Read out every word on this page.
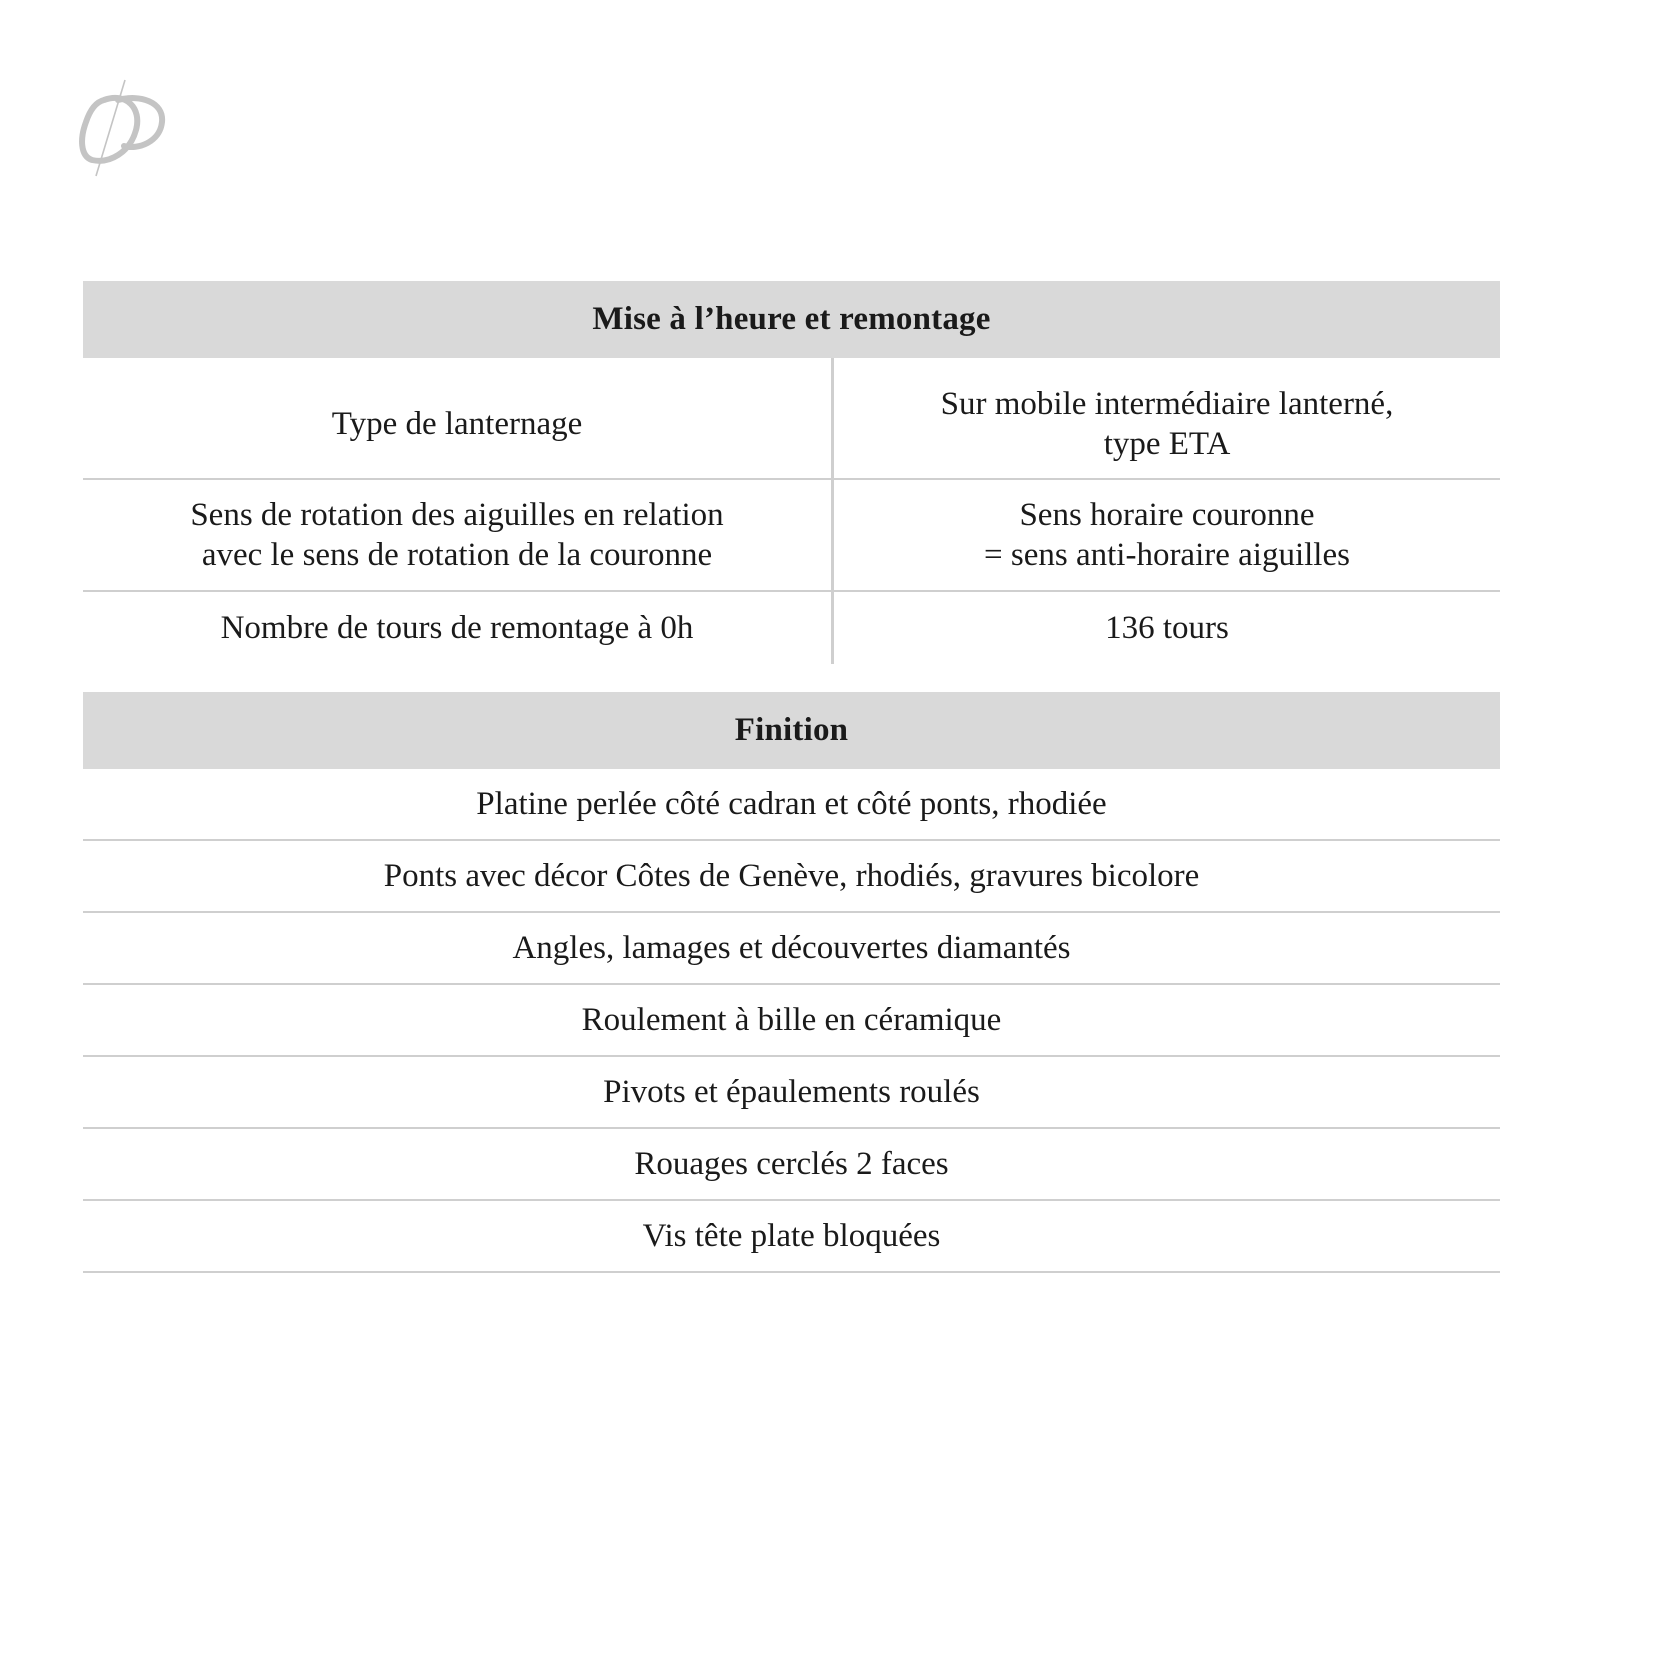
Mise à l’heure et remontage
Type de lanternage	Sur mobile intermédiaire lanterné,
type ETA

Sens de rotation des aiguilles en relation
avec le sens de rotation de la couronne	Sens horaire couronne
= sens anti-horaire aiguilles

Nombre de tours de remontage à 0h	136 tours
Finition
Platine perlée côté cadran et côté ponts, rhodiée
Ponts avec décor Côtes de Genève, rhodiés, gravures bicolore
Angles, lamages et découvertes diamantés
Roulement à bille en céramique
Pivots et épaulements roulés
Rouages cerclés 2 faces
Vis tête plate bloquées
